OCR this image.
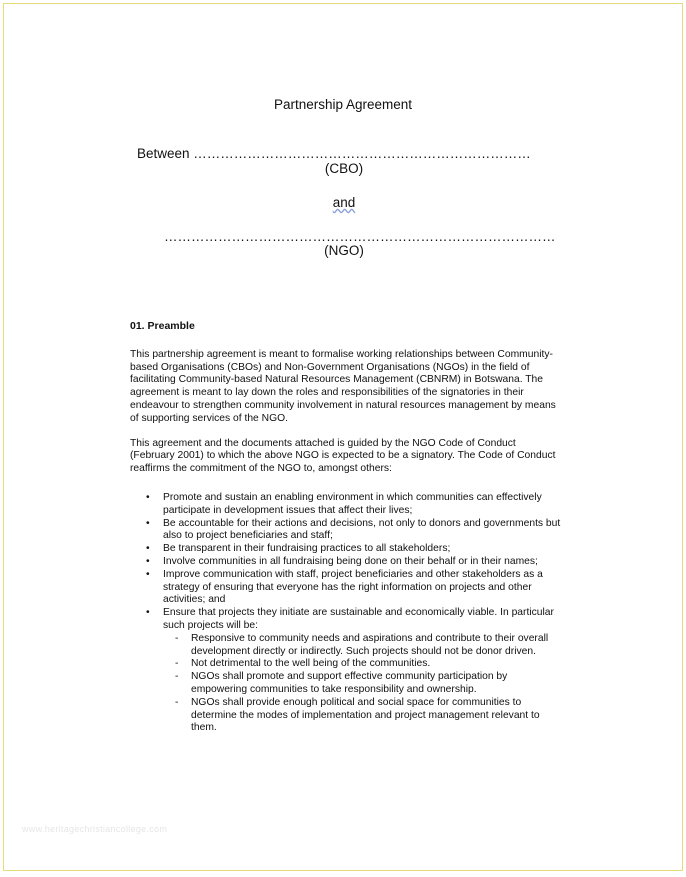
Partnership Agreement
Between …………………………………………………………………
(CBO)
and
……………………………………………………………………………
(NGO)
01. Preamble

This partnership agreement is meant to formalise working relationships between Community-based Organisations (CBOs) and Non-Government Organisations (NGOs) in the field of facilitating Community-based Natural Resources Management (CBNRM) in Botswana. The agreement is meant to lay down the roles and responsibilities of the signatories in their endeavour to strengthen community involvement in natural resources management by means of supporting services of the NGO.

This agreement and the documents attached is guided by the NGO Code of Conduct (February 2001) to which the above NGO is expected to be a signatory. The Code of Conduct reaffirms the commitment of the NGO to, amongst others:

• Promote and sustain an enabling environment in which communities can effectively participate in development issues that affect their lives;
• Be accountable for their actions and decisions, not only to donors and governments but also to project beneficiaries and staff;
• Be transparent in their fundraising practices to all stakeholders;
• Involve communities in all fundraising being done on their behalf or in their names;
• Improve communication with staff, project beneficiaries and other stakeholders as a strategy of ensuring that everyone has the right information on projects and other activities; and
• Ensure that projects they initiate are sustainable and economically viable. In particular such projects will be:
- Responsive to community needs and aspirations and contribute to their overall development directly or indirectly. Such projects should not be donor driven.
- Not detrimental to the well being of the communities.
- NGOs shall promote and support effective community participation by empowering communities to take responsibility and ownership.
- NGOs shall provide enough political and social space for communities to determine the modes of implementation and project management relevant to them.
www.heritagechristiancollege.com
